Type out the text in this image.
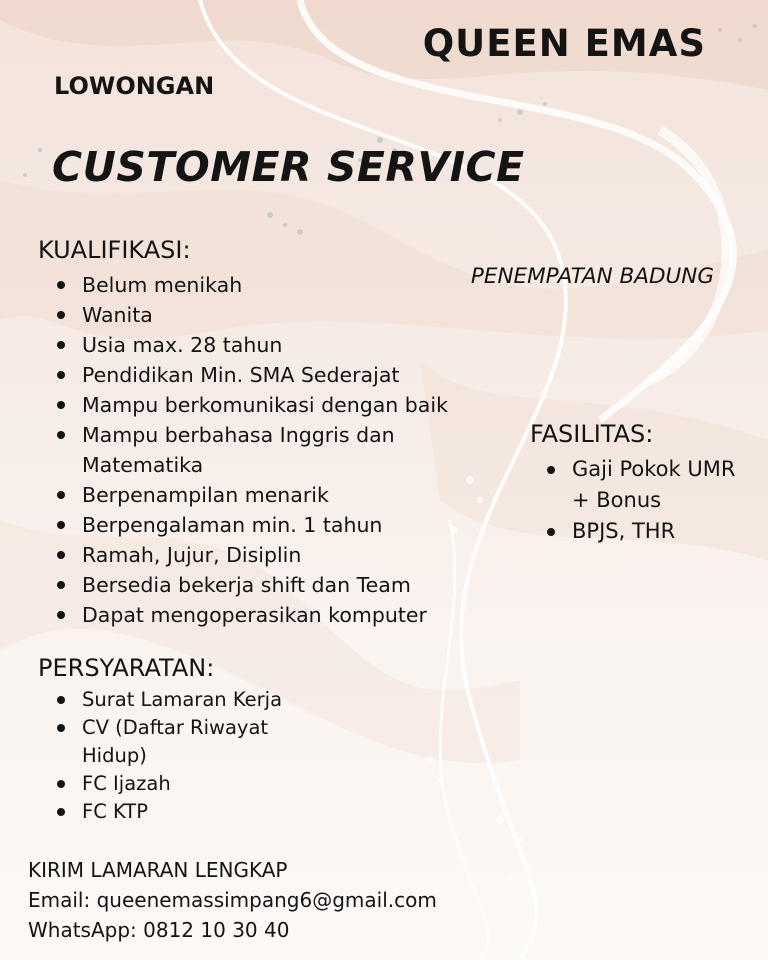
QUEEN EMAS
LOWONGAN
CUSTOMER SERVICE
KUALIFIKASI:
Belum menikah
Wanita
Usia max. 28 tahun
Pendidikan Min. SMA Sederajat
Mampu berkomunikasi dengan baik
Mampu berbahasa Inggris dan Matematika
Berpenampilan menarik
Berpengalaman min. 1 tahun
Ramah, Jujur, Disiplin
Bersedia bekerja shift dan Team
Dapat mengoperasikan komputer
PENEMPATAN BADUNG
FASILITAS:
Gaji Pokok UMR + Bonus
BPJS, THR
PERSYARATAN:
Surat Lamaran Kerja
CV (Daftar Riwayat Hidup)
FC Ijazah
FC KTP
KIRIM LAMARAN LENGKAP
Email: queenemassimpang6@gmail.com
WhatsApp: 0812 10 30 40
